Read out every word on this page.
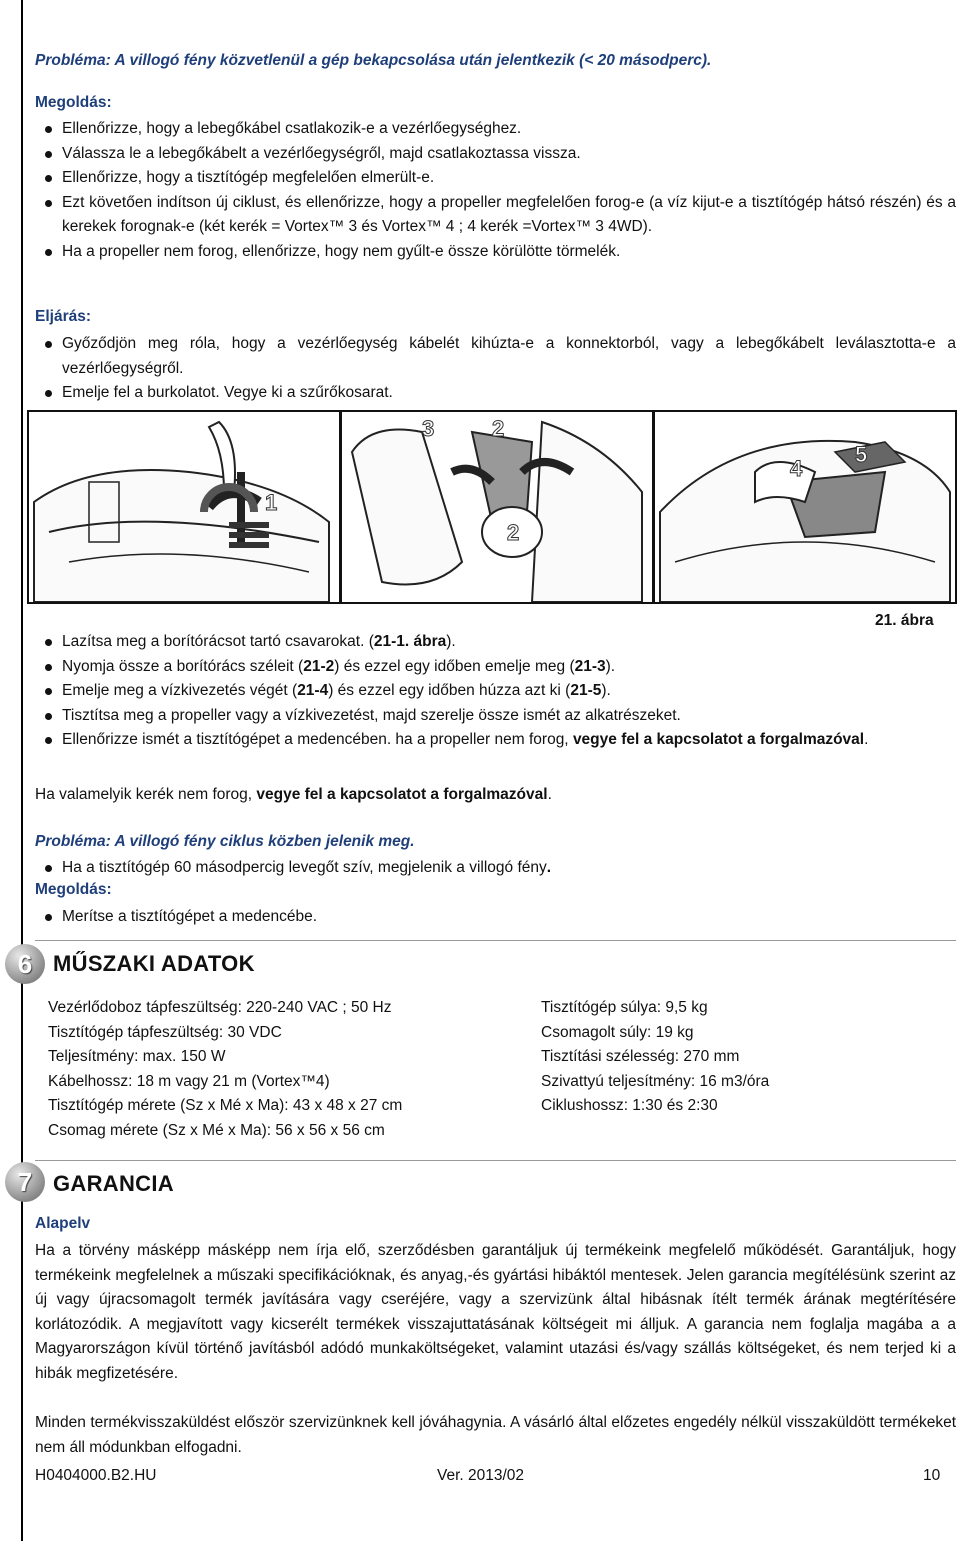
Probléma: A villogó fény közvetlenül a gép bekapcsolása után jelentkezik (< 20 másodperc).
Megoldás:
Ellenőrizze, hogy a lebegőkábel csatlakozik-e a vezérlőegységhez.
Válassza le a lebegőkábelt a vezérlőegységről, majd csatlakoztassa vissza.
Ellenőrizze, hogy a tisztítógép megfelelően elmerült-e.
Ezt követően indítson új ciklust, és ellenőrizze, hogy a propeller megfelelően forog-e (a víz kijut-e a tisztítógép hátsó részén) és a kerekek forognak-e (két kerék = Vortex™ 3 és Vortex™ 4 ; 4 kerék =Vortex™ 3 4WD).
Ha a propeller nem forog, ellenőrizze, hogy nem gyűlt-e össze körülötte törmelék.
Eljárás:
Győződjön meg róla, hogy a vezérlőegység kábelét kihúzta-e a konnektorból, vagy a lebegőkábelt leválasztotta-e a vezérlőegységről.
Emelje fel a burkolatot. Vegye ki a szűrőkosarat.
1
3	2
2
4
5
21. ábra
Lazítsa meg a borítórácsot tartó csavarokat. (21-1. ábra).
Nyomja össze a borítórács széleit (21-2) és ezzel egy időben emelje meg (21-3).
Emelje meg a vízkivezetés végét (21-4) és ezzel egy időben húzza azt ki (21-5).
Tisztítsa meg a propeller vagy a vízkivezetést, majd szerelje össze ismét az alkatrészeket.
Ellenőrizze ismét a tisztítógépet a medencében. ha a propeller nem forog, vegye fel a kapcsolatot a forgalmazóval.

Ha valamelyik kerék nem forog, vegye fel a kapcsolatot a forgalmazóval.

Probléma: A villogó fény ciklus közben jelenik meg.
Ha a tisztítógép 60 másodpercig levegőt szív, megjelenik a villogó fény.
Megoldás:
Merítse a tisztítógépet a medencébe.
6 MŰSZAKI ADATOK
Vezérlődoboz tápfeszültség: 220-240 VAC ; 50 Hz
Tisztítógép tápfeszültség: 30 VDC
Teljesítmény: max. 150 W
Kábelhossz: 18 m vagy 21 m (Vortex™4)
Tisztítógép mérete (Sz x Mé x Ma): 43 x 48 x 27 cm
Csomag mérete (Sz x Mé x Ma): 56 x 56 x 56 cm
Tisztítógép súlya: 9,5 kg
Csomagolt súly: 19 kg
Tisztítási szélesség: 270 mm
Szivattyú teljesítmény: 16 m3/óra
Ciklushossz: 1:30 és 2:30
7 GARANCIA
Alapelv

Ha a törvény másképp másképp nem írja elő, szerződésben garantáljuk új termékeink megfelelő működését. Garantáljuk, hogy termékeink megfelelnek a műszaki specifikációknak, és anyag,-és gyártási hibáktól mentesek. Jelen garancia megítélésünk szerint az új vagy újracsomagolt termék javítására vagy cseréjére, vagy a szervizünk által hibásnak ítélt termék árának megtérítésére korlátozódik. A megjavított vagy kicserélt termékek visszajuttatásának költségeit mi álljuk. A garancia nem foglalja magába a a Magyarországon kívül történő javításból adódó munkaköltségeket, valamint utazási és/vagy szállás költségeket, és nem terjed ki a hibák megfizetésére.

Minden termékvisszaküldést először szervizünknek kell jóváhagynia. A vásárló által előzetes engedély nélkül visszaküldött termékeket nem áll módunkban elfogadni.

H0404000.B2.HU	Ver. 2013/02	10
